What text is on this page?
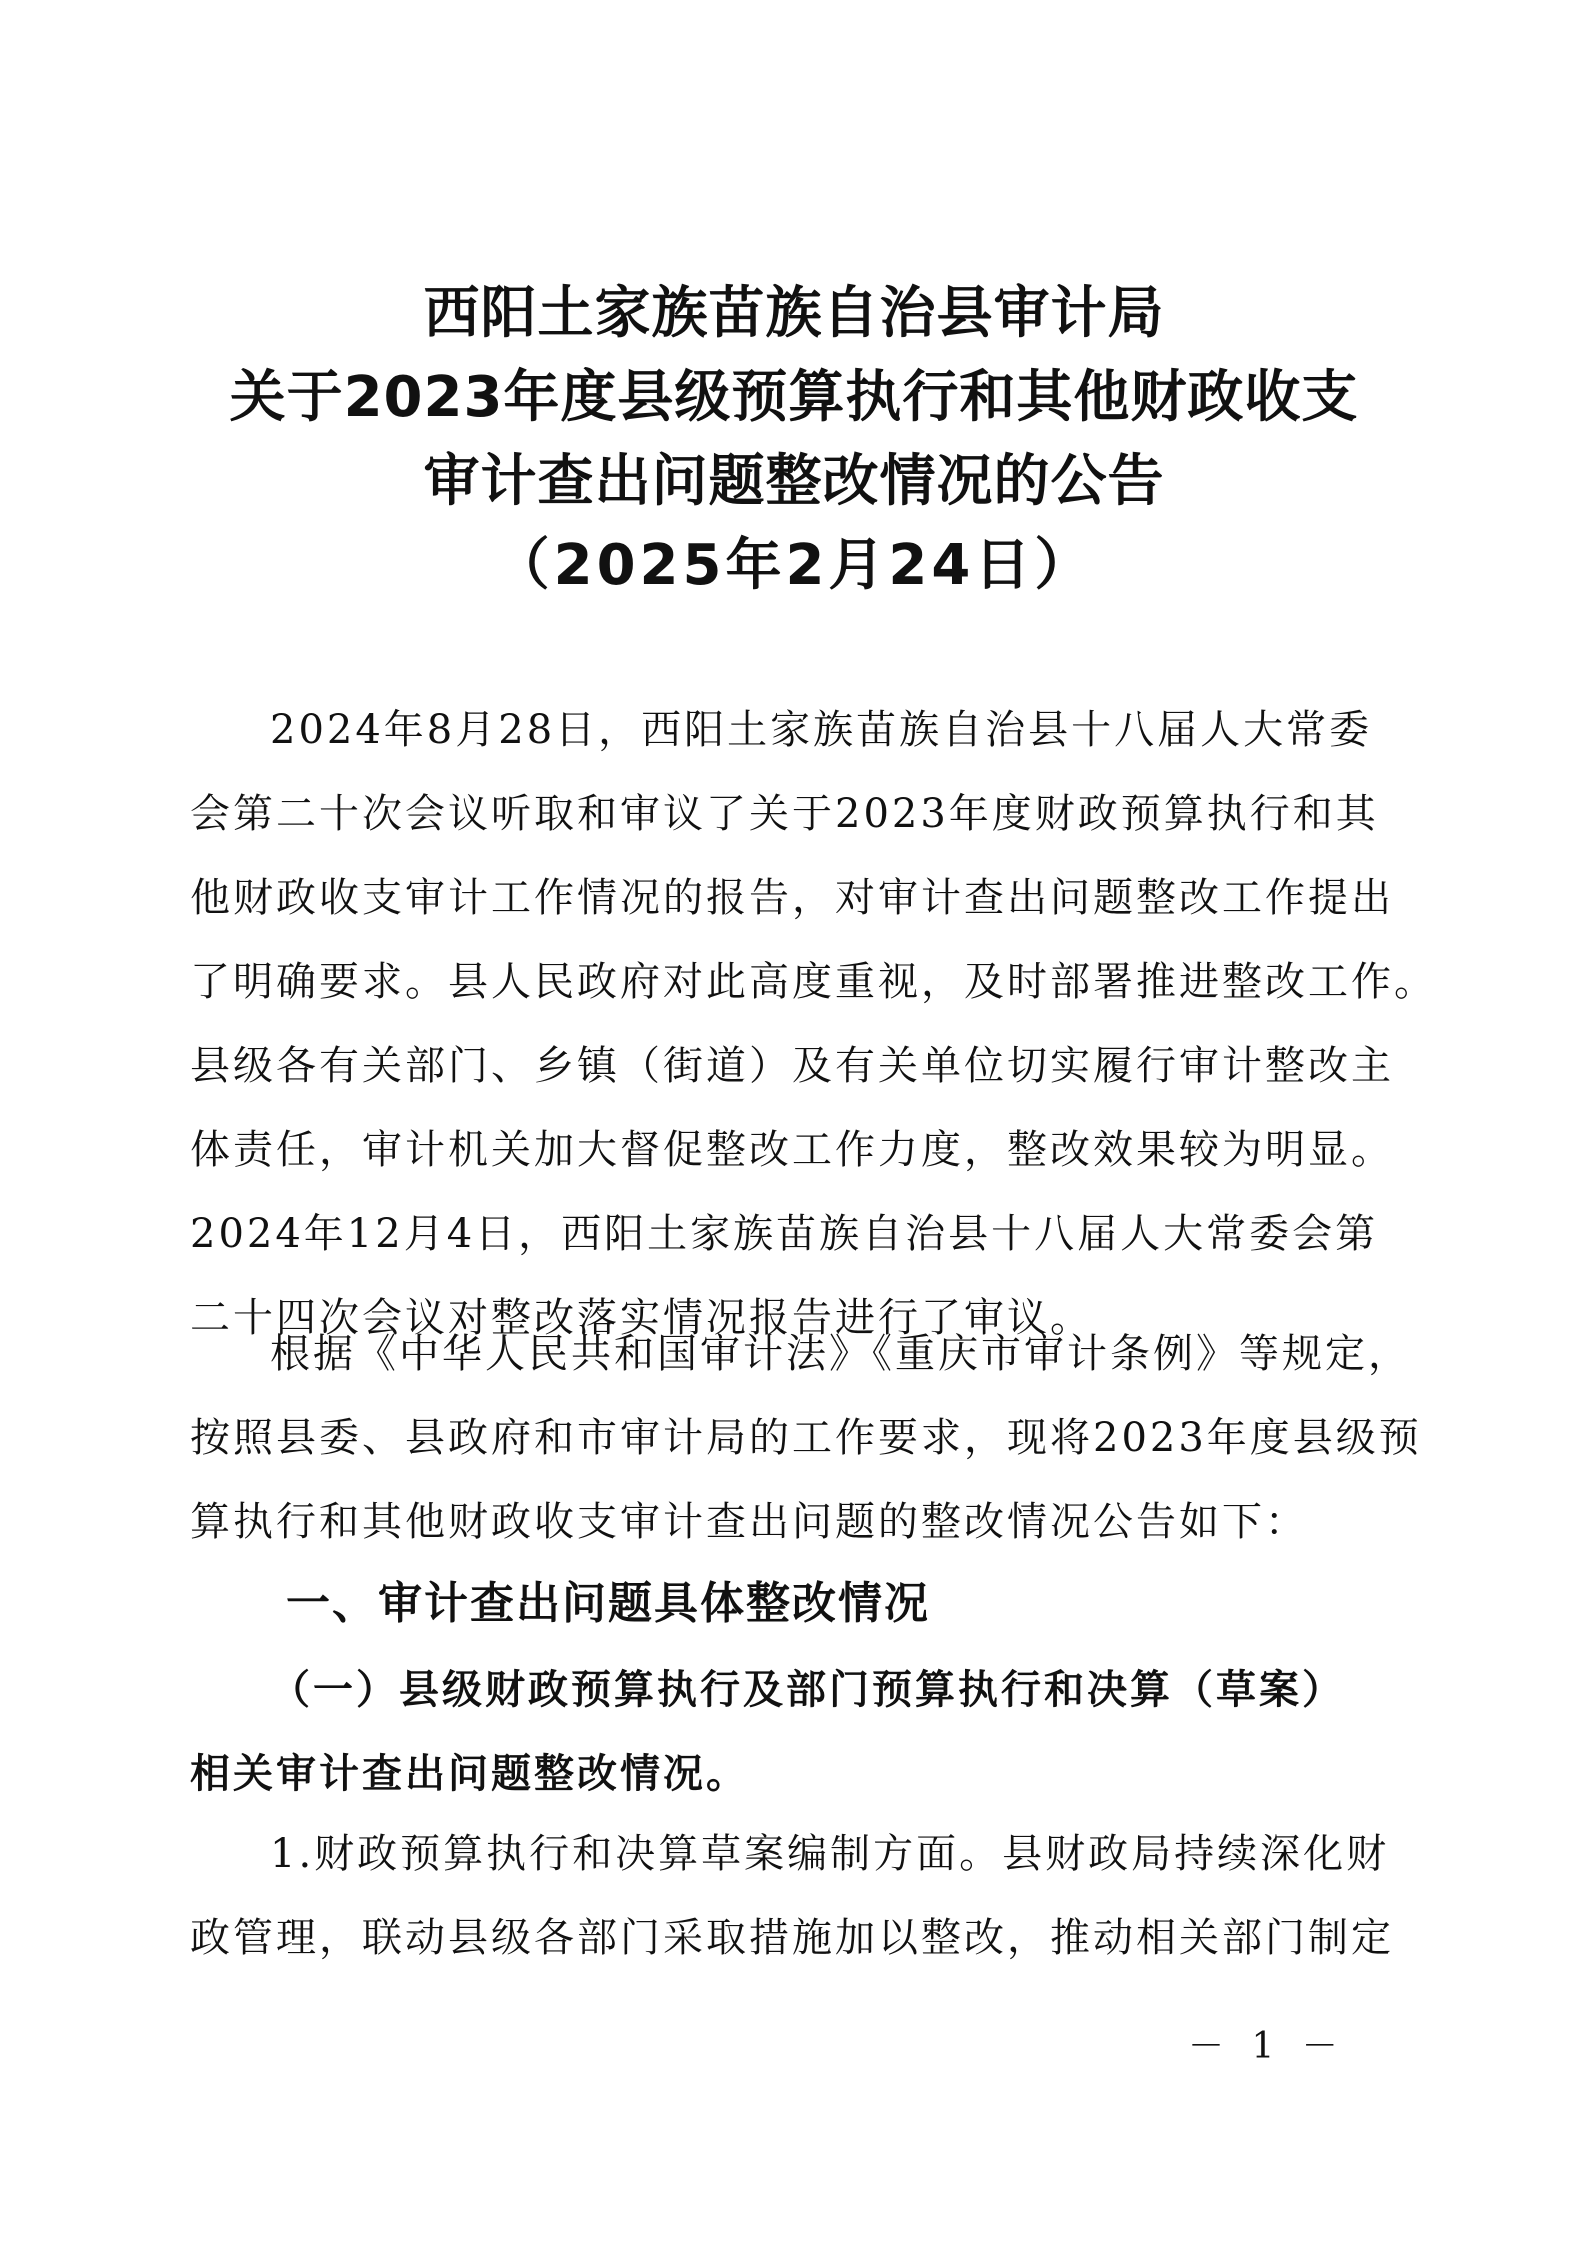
西阳土家族苗族自治县审计局
关于2023年度县级预算执行和其他财政收支
审计查出问题整改情况的公告
（2025年2月24日）
2024年8月28日，西阳土家族苗族自治县十八届人大常委
会第二十次会议听取和审议了关于2023年度财政预算执行和其
他财政收支审计工作情况的报告，对审计查出问题整改工作提出
了明确要求。县人民政府对此高度重视，及时部署推进整改工作。
县级各有关部门、乡镇（街道）及有关单位切实履行审计整改主
体责任，审计机关加大督促整改工作力度，整改效果较为明显。
2024年12月4日，西阳土家族苗族自治县十八届人大常委会第
二十四次会议对整改落实情况报告进行了审议。
根据《中华人民共和国审计法》《重庆市审计条例》等规定，
按照县委、县政府和市审计局的工作要求，现将2023年度县级预
算执行和其他财政收支审计查出问题的整改情况公告如下：
一、审计查出问题具体整改情况
（一）县级财政预算执行及部门预算执行和决算（草案）
相关审计查出问题整改情况。
1.财政预算执行和决算草案编制方面。县财政局持续深化财
政管理，联动县级各部门采取措施加以整改，推动相关部门制定
－ 1 －
